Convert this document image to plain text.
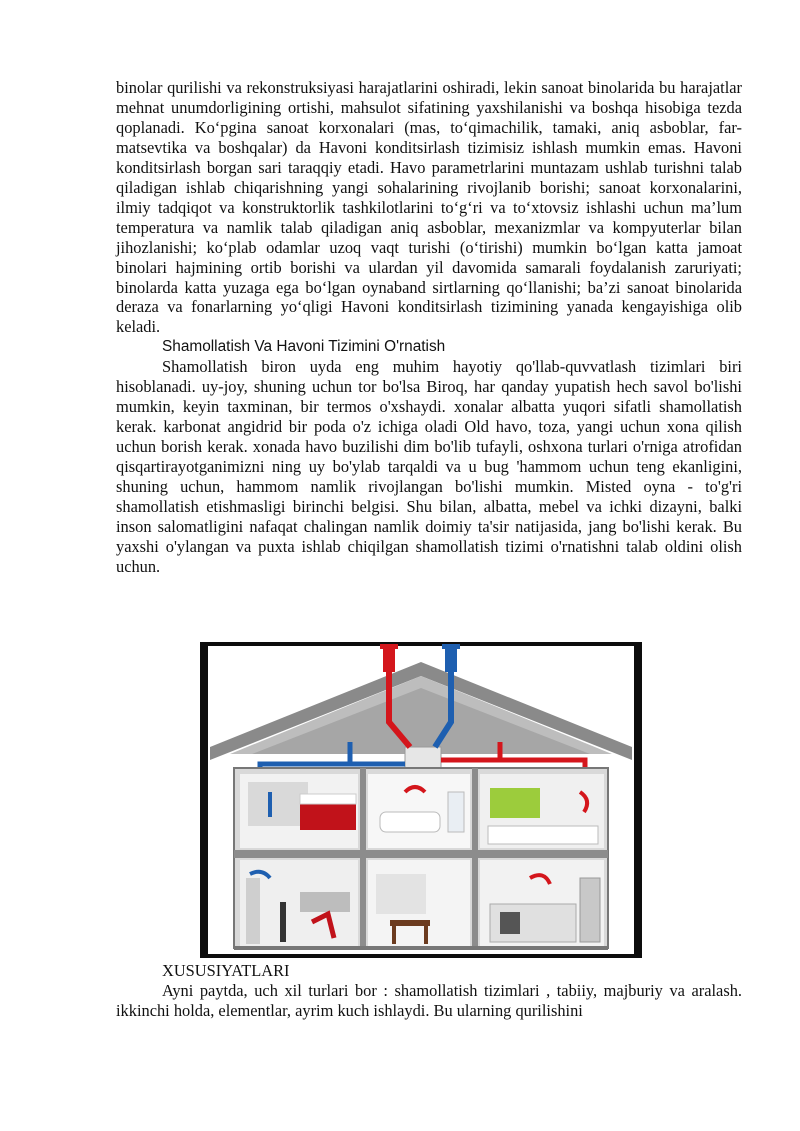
binolar qurilishi va rekonstruksiyasi harajatlarini oshiradi, lekin sanoat binolarida bu harajatlar mehnat unumdorligining ortishi, mahsulot sifatining yaxshilanishi va boshqa hisobiga tezda qoplanadi. Ko‘pgina sanoat korxonalari (mas, to‘qimachilik, tamaki, aniq asboblar, far-matsevtika va boshqalar) da Havoni konditsirlash tizimisiz ishlash mumkin emas. Havoni konditsirlash borgan sari taraqqiy etadi. Havo parametrlarini muntazam ushlab turishni talab qiladigan ishlab chiqarishning yangi sohalarining rivojlanib borishi; sanoat korxonalarini, ilmiy tadqiqot va konstruktorlik tashkilotlarini to‘g‘ri va to‘xtovsiz ishlashi uchun ma’lum temperatura va namlik talab qiladigan aniq asboblar, mexanizmlar va kompyuterlar bilan jihozlanishi; ko‘plab odamlar uzoq vaqt turishi (o‘tirishi) mumkin bo‘lgan katta jamoat binolari hajmining ortib borishi va ulardan yil davomida samarali foydalanish zaruriyati; binolarda katta yuzaga ega bo‘lgan oynaband sirtlarning qo‘llanishi; ba’zi sanoat binolarida deraza va fonarlarning yo‘qligi Havoni konditsirlash tizimining yanada kengayishiga olib keladi.

Shamollatish Va Havoni Tizimini O'rnatish

Shamollatish biron uyda eng muhim hayotiy qo'llab-quvvatlash tizimlari biri hisoblanadi. uy-joy, shuning uchun tor bo'lsa Biroq, har qanday yupatish hech savol bo'lishi mumkin, keyin taxminan, bir termos o'xshaydi. xonalar albatta yuqori sifatli shamollatish kerak. karbonat angidrid bir poda o'z ichiga oladi Old havo, toza, yangi uchun xona qilish uchun borish kerak. xonada havo buzilishi dim bo'lib tufayli, oshxona turlari o'rniga atrofidan qisqartirayotganimizni ning uy bo'ylab tarqaldi va u bug 'hammom uchun teng ekanligini, shuning uchun, hammom namlik rivojlangan bo'lishi mumkin. Misted oyna - to'g'ri shamollatish etishmasligi birinchi belgisi. Shu bilan, albatta, mebel va ichki dizayni, balki inson salomatligini nafaqat chalingan namlik doimiy ta'sir natijasida, jang bo'lishi kerak. Bu yaxshi o'ylangan va puxta ishlab chiqilgan shamollatish tizimi o'rnatishni talab oldini olish uchun.

XUSUSIYATLARI

Ayni paytda, uch xil turlari bor : shamollatish tizimlari , tabiiy, majburiy va aralash. ikkinchi holda, elementlar, ayrim kuch ishlaydi. Bu ularning qurilishini
